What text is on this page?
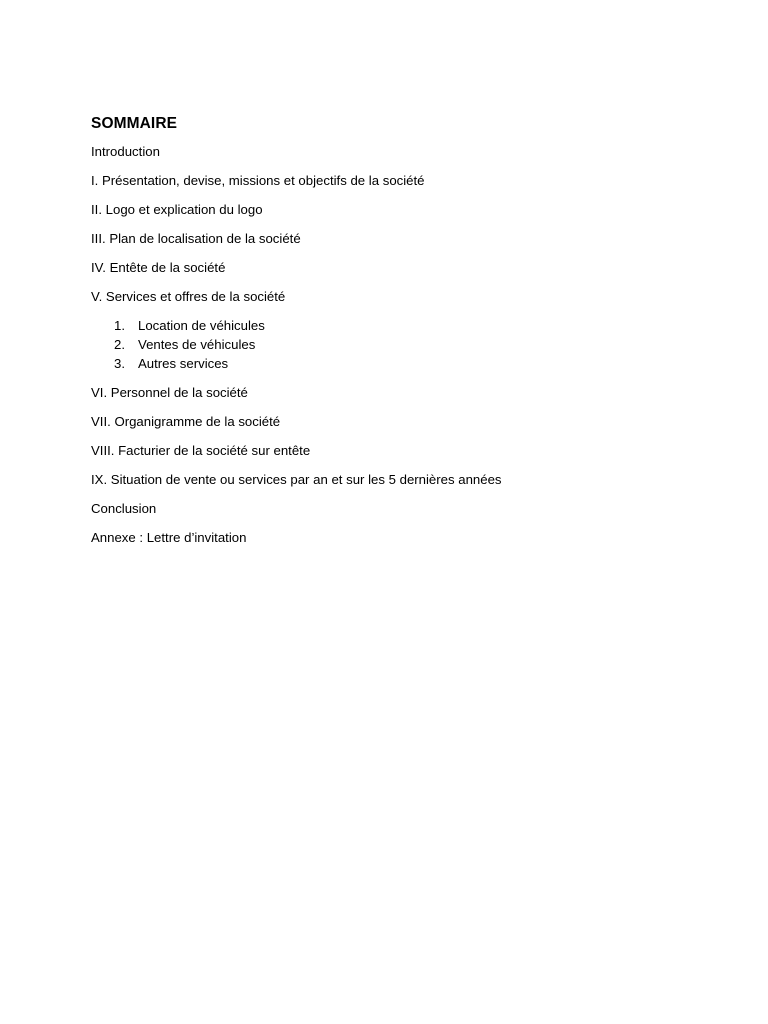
SOMMAIRE
Introduction
I. Présentation, devise, missions et objectifs de la société
II. Logo et explication du logo
III. Plan de localisation de la société
IV. Entête de la société
V. Services et offres de la société
1. Location de véhicules
2. Ventes de véhicules
3. Autres services
VI. Personnel de la société
VII. Organigramme de la société
VIII. Facturier de la société sur entête
IX. Situation de vente ou services par an et sur les 5 dernières années
Conclusion
Annexe : Lettre d’invitation
